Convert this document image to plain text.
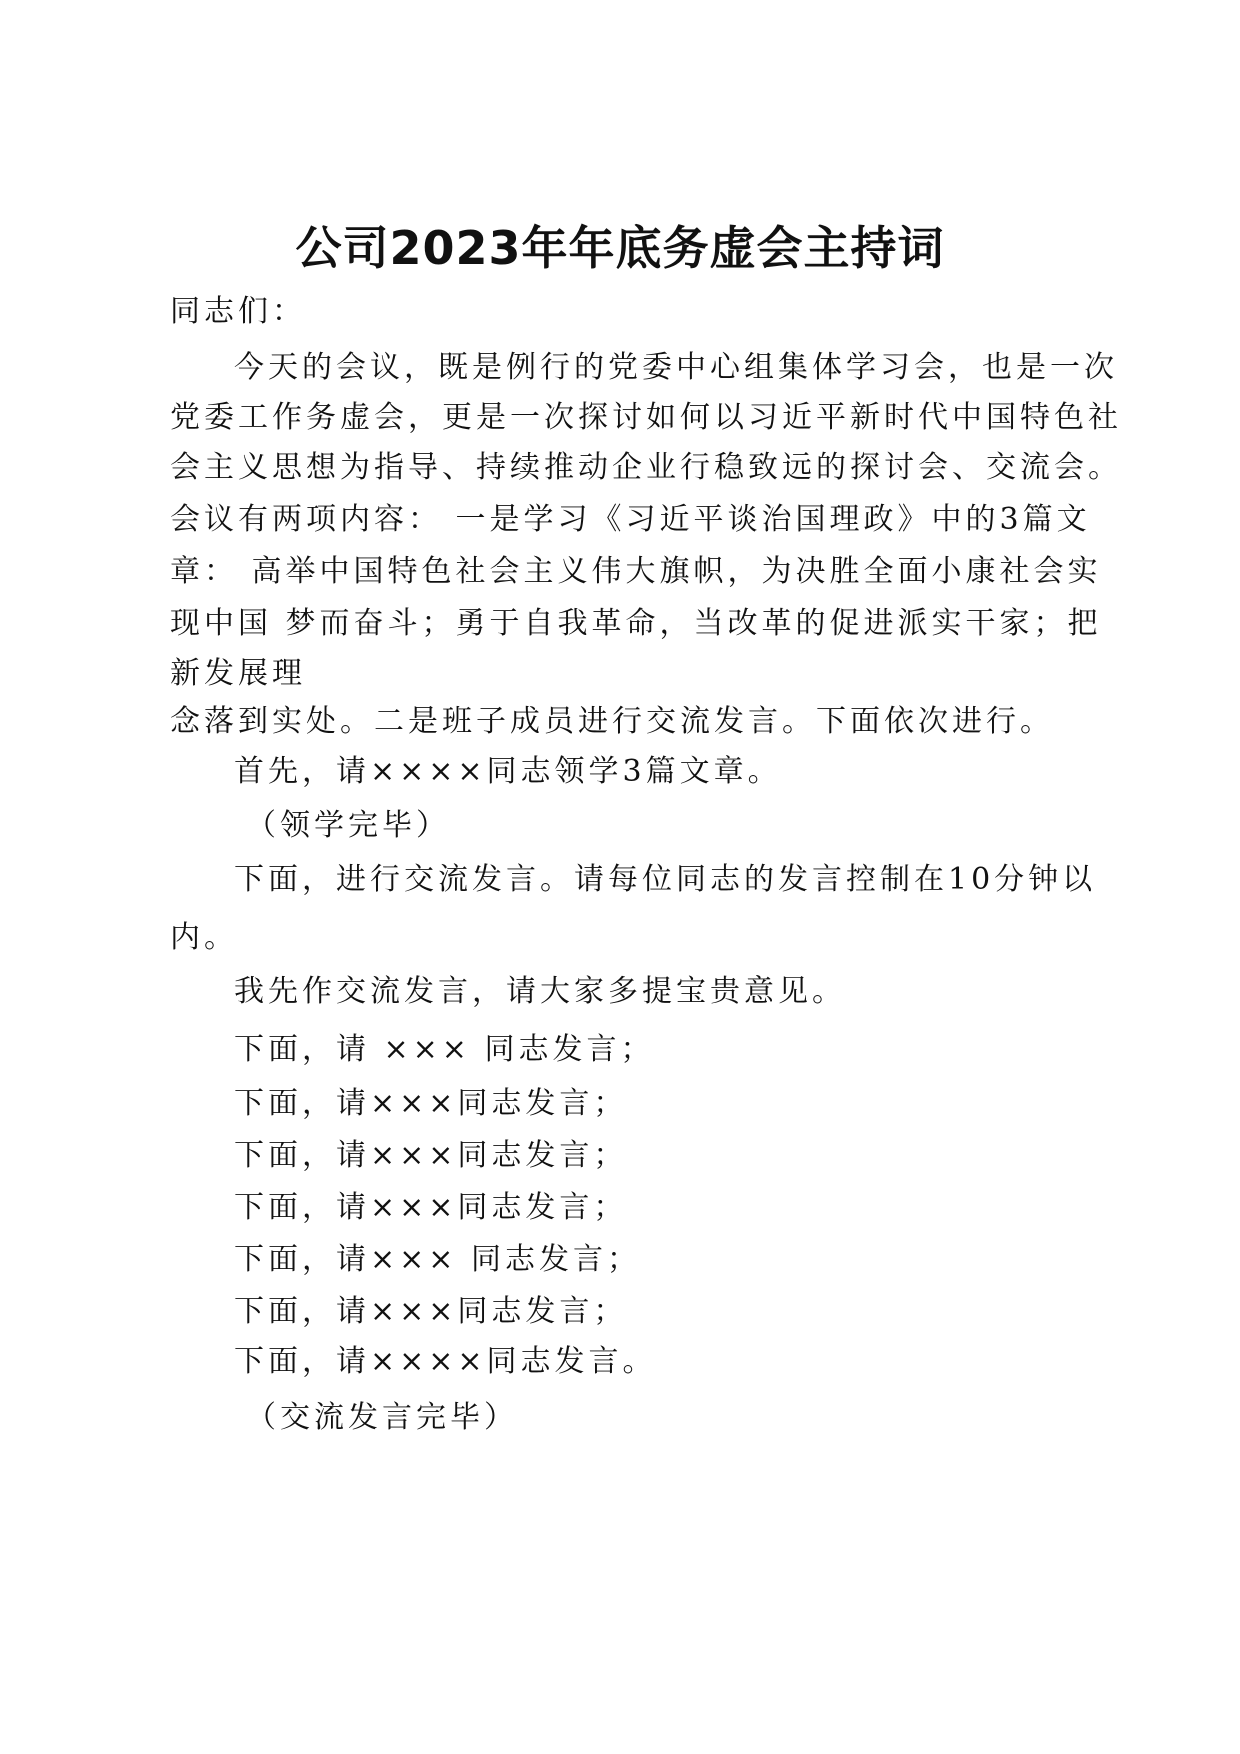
公司2023年年底务虚会主持词
同志们：
今天的会议，既是例行的党委中心组集体学习会，也是一次
党委工作务虚会，更是一次探讨如何以习近平新时代中国特色社
会主义思想为指导、持续推动企业行稳致远的探讨会、交流会。
会议有两项内容： 一是学习《习近平谈治国理政》中的3篇文
章： 高举中国特色社会主义伟大旗帜，为决胜全面小康社会实
现中国 梦而奋斗；勇于自我革命，当改革的促进派实干家；把
新发展理
念落到实处。二是班子成员进行交流发言。下面依次进行。
首先，请××××同志领学3篇文章。
（领学完毕）
下面，进行交流发言。请每位同志的发言控制在10分钟以
内。
我先作交流发言，请大家多提宝贵意见。
下面，请 ××× 同志发言；
下面，请×××同志发言；
下面，请×××同志发言；
下面，请×××同志发言；
下面，请××× 同志发言；
下面，请×××同志发言；
下面，请××××同志发言。
（交流发言完毕）
